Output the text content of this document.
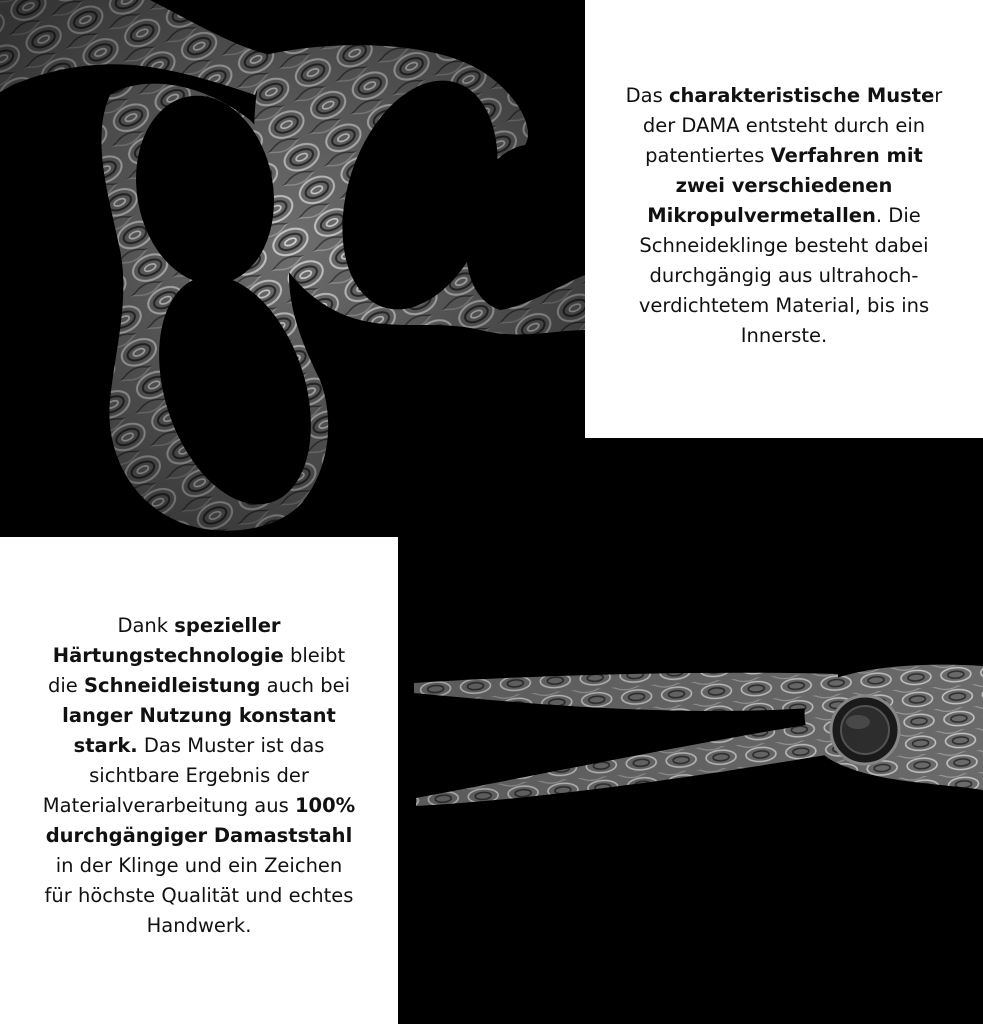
Das charakteristische Muster der DAMA entsteht durch ein patentiertes Verfahren mit zwei verschiedenen Mikropulvermetallen. Die Schneideklinge besteht dabei durchgängig aus ultrahoch-verdichtetem Material, bis ins Innerste.
Dank spezieller Härtungstechnologie bleibt die Schneidleistung auch bei langer Nutzung konstant stark. Das Muster ist das sichtbare Ergebnis der Materialverarbeitung aus 100% durchgängiger Damaststahl in der Klinge und ein Zeichen für höchste Qualität und echtes Handwerk.
